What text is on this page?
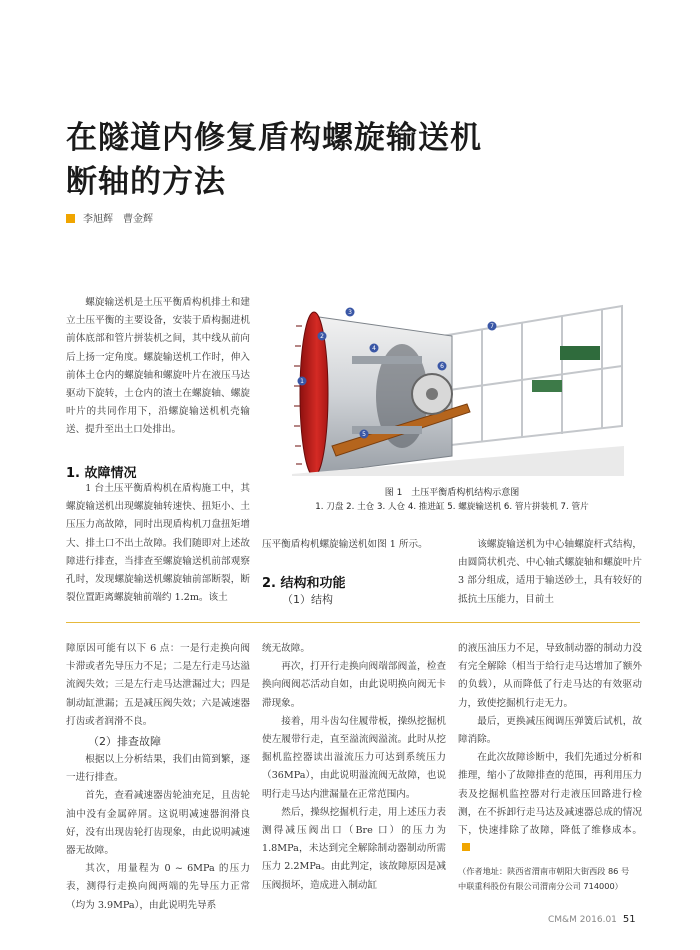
在隧道内修复盾构螺旋输送机
断轴的方法
李旭辉　曹金辉
螺旋输送机是土压平衡盾构机排土和建立土压平衡的主要设备，安装于盾构掘进机前体底部和管片拼装机之间，其中线从前向后上扬一定角度。螺旋输送机工作时，伸入前体土仓内的螺旋轴和螺旋叶片在液压马达驱动下旋转，土仓内的渣土在螺旋轴、螺旋叶片的共同作用下，沿螺旋输送机机壳输送、提升至出土口处排出。
1. 故障情况
1 台土压平衡盾构机在盾构施工中，其螺旋输送机出现螺旋轴转速快、扭矩小、土压压力高故障，同时出现盾构机刀盘扭矩增大、排土口不出土故障。我们随即对上述故障进行排查，当排查至螺旋输送机前部观察孔时，发现螺旋输送机螺旋轴前部断裂，断裂位置距离螺旋轴前端约 1.2m。该土
1
2
3
4
5
6
7
图 1　土压平衡盾构机结构示意图
1. 刀盘 2. 土仓 3. 人仓 4. 推进缸 5. 螺旋输送机 6. 管片拼装机 7. 管片
压平衡盾构机螺旋输送机如图 1 所示。
2. 结构和功能
（1）结构
该螺旋输送机为中心轴螺旋杆式结构，由圆筒状机壳、中心轴式螺旋轴和螺旋叶片 3 部分组成，适用于输送砂土，具有较好的抵抗土压能力，目前土
障原因可能有以下 6 点：一是行走换向阀卡滞或者先导压力不足；二是左行走马达溢流阀失效；三是左行走马达泄漏过大；四是制动缸泄漏；五是减压阀失效；六是减速器打齿或者润滑不良。
（2）排查故障
根据以上分析结果，我们由简到繁，逐一进行排查。
首先，查看减速器齿轮油充足，且齿轮油中没有金属碎屑。这说明减速器润滑良好，没有出现齿轮打齿现象，由此说明减速器无故障。
其次，用量程为 0 ~ 6MPa 的压力表，测得行走换向阀两端的先导压力正常（均为 3.9MPa），由此说明先导系
统无故障。
再次，打开行走换向阀端部阀盖，检查换向阀阀芯活动自如，由此说明换向阀无卡滞现象。
接着，用斗齿勾住履带板，操纵挖掘机使左履带行走，直至溢流阀溢流。此时从挖掘机监控器读出溢流压力可达到系统压力（36MPa），由此说明溢流阀无故障，也说明行走马达内泄漏量在正常范围内。
然后，操纵挖掘机行走，用上述压力表测得减压阀出口（Bre 口）的压力为 1.8MPa，未达到完全解除制动器制动所需压力 2.2MPa。由此判定，该故障原因是减压阀损坏，造成进入制动缸
的液压油压力不足，导致制动器的制动力没有完全解除（相当于给行走马达增加了额外的负载），从而降低了行走马达的有效驱动力，致使挖掘机行走无力。
最后，更换减压阀调压弹簧后试机，故障消除。
在此次故障诊断中，我们先通过分析和推理，缩小了故障排查的范围，再利用压力表及挖掘机监控器对行走液压回路进行检测，在不拆卸行走马达及减速器总成的情况下，快速排除了故障，降低了维修成本。
（作者地址：陕西省渭南市朝阳大街西段 86 号　中联重科股份有限公司渭南分公司 714000）
CM&M 2016.01 51
